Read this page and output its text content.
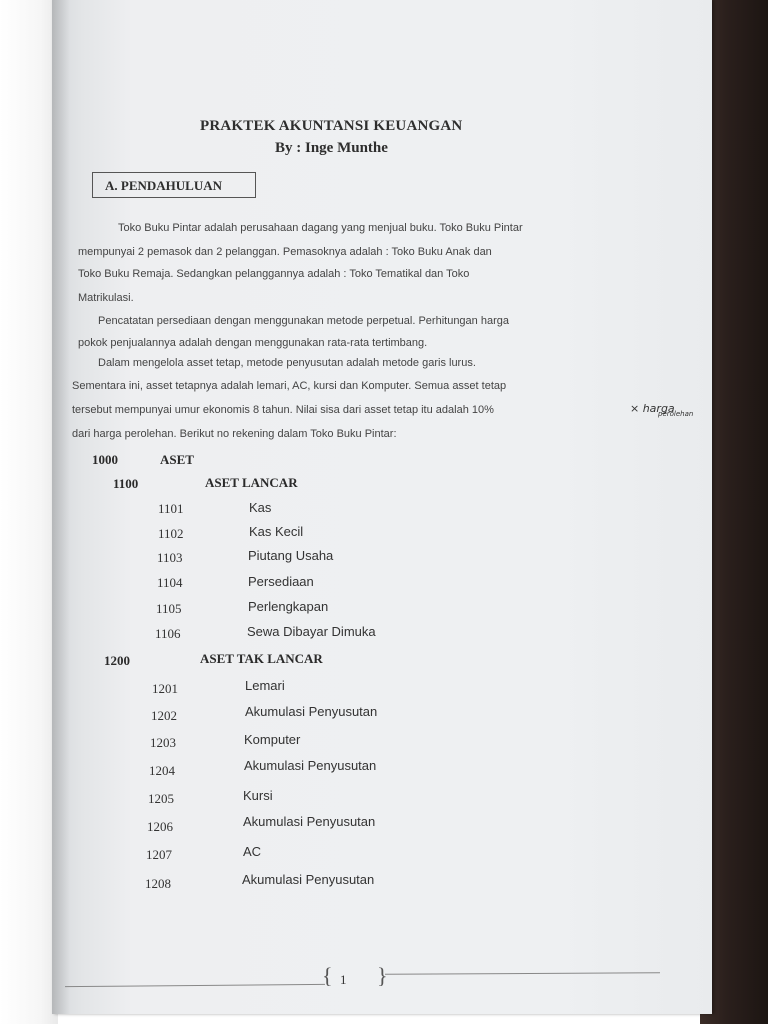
PRAKTEK AKUNTANSI KEUANGAN
By : Inge Munthe
A. PENDAHULUAN
Toko Buku Pintar adalah perusahaan dagang yang menjual buku. Toko Buku Pintar
mempunyai 2 pemasok dan 2 pelanggan. Pemasoknya adalah : Toko Buku Anak dan
Toko Buku Remaja. Sedangkan pelanggannya adalah : Toko Tematikal dan Toko
Matrikulasi.
Pencatatan persediaan dengan menggunakan metode perpetual. Perhitungan harga
pokok penjualannya adalah dengan menggunakan rata-rata tertimbang.
Dalam mengelola asset tetap, metode penyusutan adalah metode garis lurus.
Sementara ini, asset tetapnya adalah lemari, AC, kursi dan Komputer. Semua asset tetap
tersebut mempunyai umur ekonomis 8 tahun. Nilai sisa dari asset tetap itu adalah 10%
dari harga perolehan. Berikut no rekening dalam Toko Buku Pintar:
× harga
perolehan
1000	ASET
1100	ASET LANCAR
1101	Kas
1102	Kas Kecil
1103	Piutang Usaha
1104	Persediaan
1105	Perlengkapan
1106	Sewa Dibayar Dimuka
1200	ASET TAK LANCAR
1201	Lemari
1202	Akumulasi Penyusutan
1203	Komputer
1204	Akumulasi Penyusutan
1205	Kursi
1206	Akumulasi Penyusutan
1207	AC
1208	Akumulasi Penyusutan
{ }
1
